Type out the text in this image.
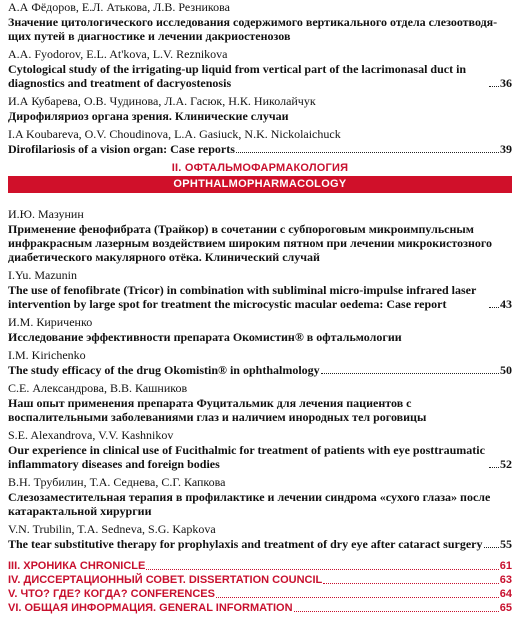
А.А Фёдоров, Е.Л. Атькова, Л.В. Резникова

Значение цитологического исследования содержимого вертикального отдела слезоотводящих путей в диагностике и лечении дакриостенозов

A.A. Fyodorov, E.L. At'kova, L.V. Reznikova

Cytological study of the irrigating-up liquid from vertical part of the lacrimonasal duct in diagnostics and treatment of dacryostenosis	36

И.А Кубарева, О.В. Чудинова, Л.А. Гасюк, Н.К. Николайчук

Дирофиляриоз органа зрения. Клинические случаи

I.A Koubareva, O.V. Choudinova, L.A. Gasiuck, N.K. Nickolaichuck

Dirofilariosis of a vision organ: Case reports	39
II. ОФТАЛЬМОФАРМАКОЛОГИЯ
OPHTHALMOPHARMACOLOGY

И.Ю. Мазунин

Применение фенофибрата (Трайкор) в сочетании с субпороговым микроимпульсным инфракрасным лазерным воздействием широким пятном при лечении микрокистозного диабетического макулярного отёка. Клинический случай

I.Yu. Mazunin

The use of fenofibrate (Tricor) in combination with subliminal micro-impulse infrared laser intervention by large spot for treatment the microcystic macular oedema: Case report	43

И.М. Кириченко

Исследование эффективности препарата Окомистин® в офтальмологии

I.M. Kirichenko

The study efficacy of the drug Okomistin® in ophthalmology	50

С.Е. Александрова, В.В. Кашников

Наш опыт применения препарата Фуцитальмик для лечения пациентов с воспалительными заболеваниями глаз и наличием инородных тел роговицы

S.E. Alexandrova, V.V. Kashnikov

Our experience in clinical use of Fucithalmic for treatment of patients with eye posttraumatic inflammatory diseases and foreign bodies	52

В.Н. Трубилин, Т.А. Седнева, С.Г. Капкова

Слезозаместительная терапия в профилактике и лечении синдрома «сухого глаза» после катарактальной хирургии

V.N. Trubilin, T.A. Sedneva, S.G. Kapkova

The tear substitutive therapy for prophylaxis and treatment of dry eye after cataract surgery 55
III. ХРОНИКА CHRONICLE	61
IV. ДИССЕРТАЦИОННЫЙ СОВЕТ. DISSERTATION COUNCIL	63
V. ЧТО? ГДЕ? КОГДА? CONFERENCES	64
VI. ОБЩАЯ ИНФОРМАЦИЯ. GENERAL INFORMATION	65
